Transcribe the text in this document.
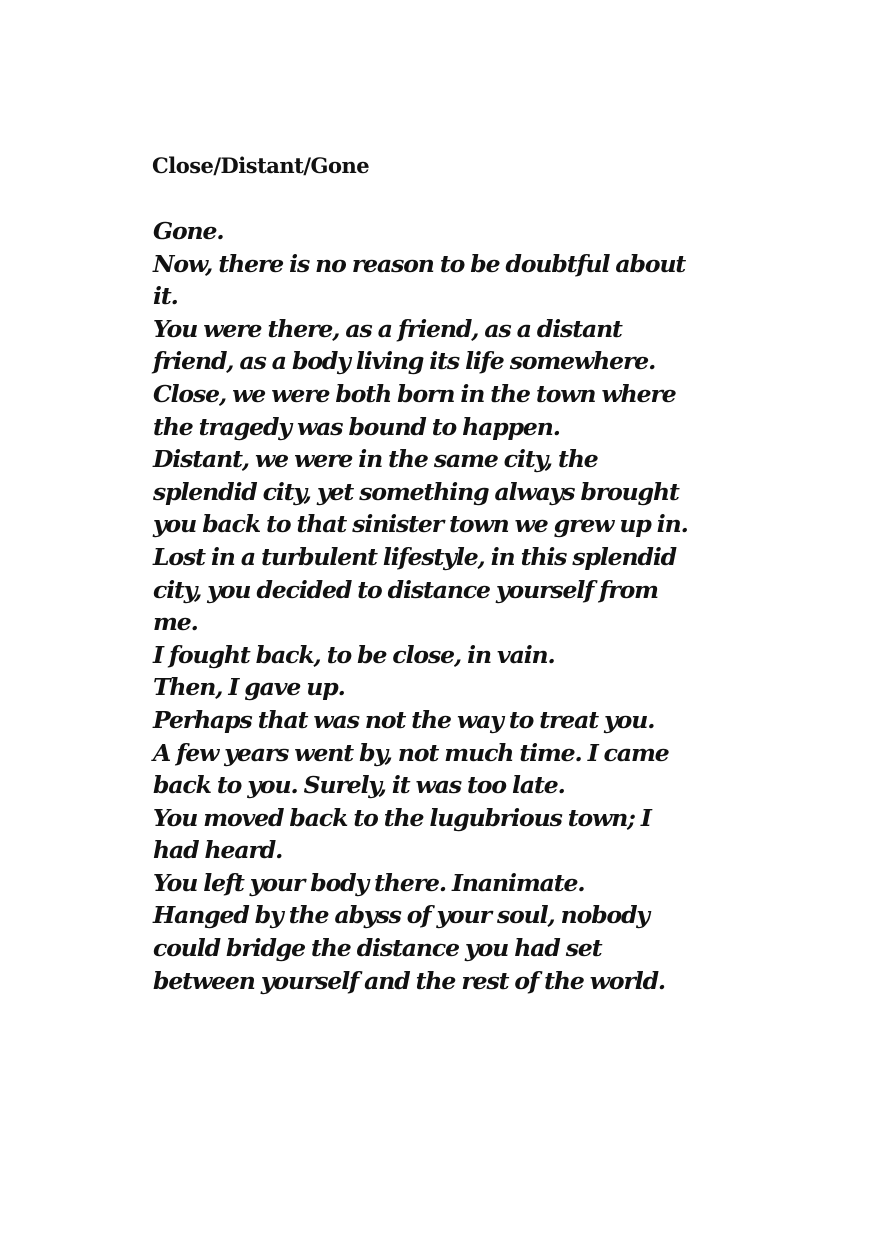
Close/Distant/Gone
Gone.
Now, there is no reason to be doubtful about
it.
You were there, as a friend, as a distant
friend, as a body living its life somewhere.
Close, we were both born in the town where
the tragedy was bound to happen.
Distant, we were in the same city, the
splendid city, yet something always brought
you back to that sinister town we grew up in.
Lost in a turbulent lifestyle, in this splendid
city, you decided to distance yourself from
me.
I fought back, to be close, in vain.
Then, I gave up.
Perhaps that was not the way to treat you.
A few years went by, not much time. I came
back to you. Surely, it was too late.
You moved back to the lugubrious town; I
had heard.
You left your body there. Inanimate.
Hanged by the abyss of your soul, nobody
could bridge the distance you had set
between yourself and the rest of the world.
